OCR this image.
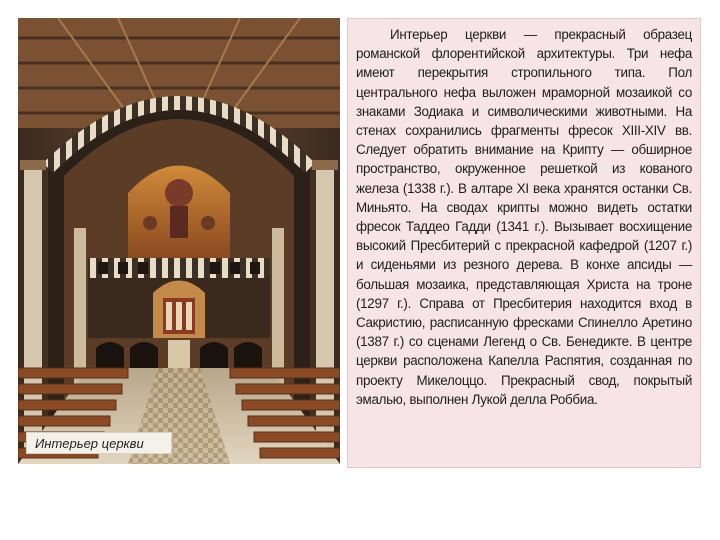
Интерьер церкви

Интерьер церкви — прекрасный образец романской флорентийской архитектуры. Три нефа имеют перекрытия стропильного типа. Пол центрального нефа выложен мраморной мозаикой со знаками Зодиака и символическими животными. На стенах сохранились фрагменты фресок XIII-XIV вв. Следует обратить внимание на Крипту — обширное пространство, окруженное решеткой из кованого железа (1338 г.). В алтаре XI века хранятся останки Св. Миньято. На сводах крипты можно видеть остатки фресок Таддео Гадди (1341 г.). Вызывает восхищение высокий Пресбитерий с прекрасной кафедрой (1207 г.) и сиденьями из резного дерева. В конхе апсиды — большая мозаика, представляющая Христа на троне (1297 г.). Справа от Пресбитерия находится вход в Сакристию, расписанную фресками Спинелло Аретино (1387 г.) со сценами Легенд о Св. Бенедикте. В центре церкви расположена Капелла Распятия, созданная по проекту Микелоццо. Прекрасный свод, покрытый эмалью, выполнен Лукой делла Роббиа.
